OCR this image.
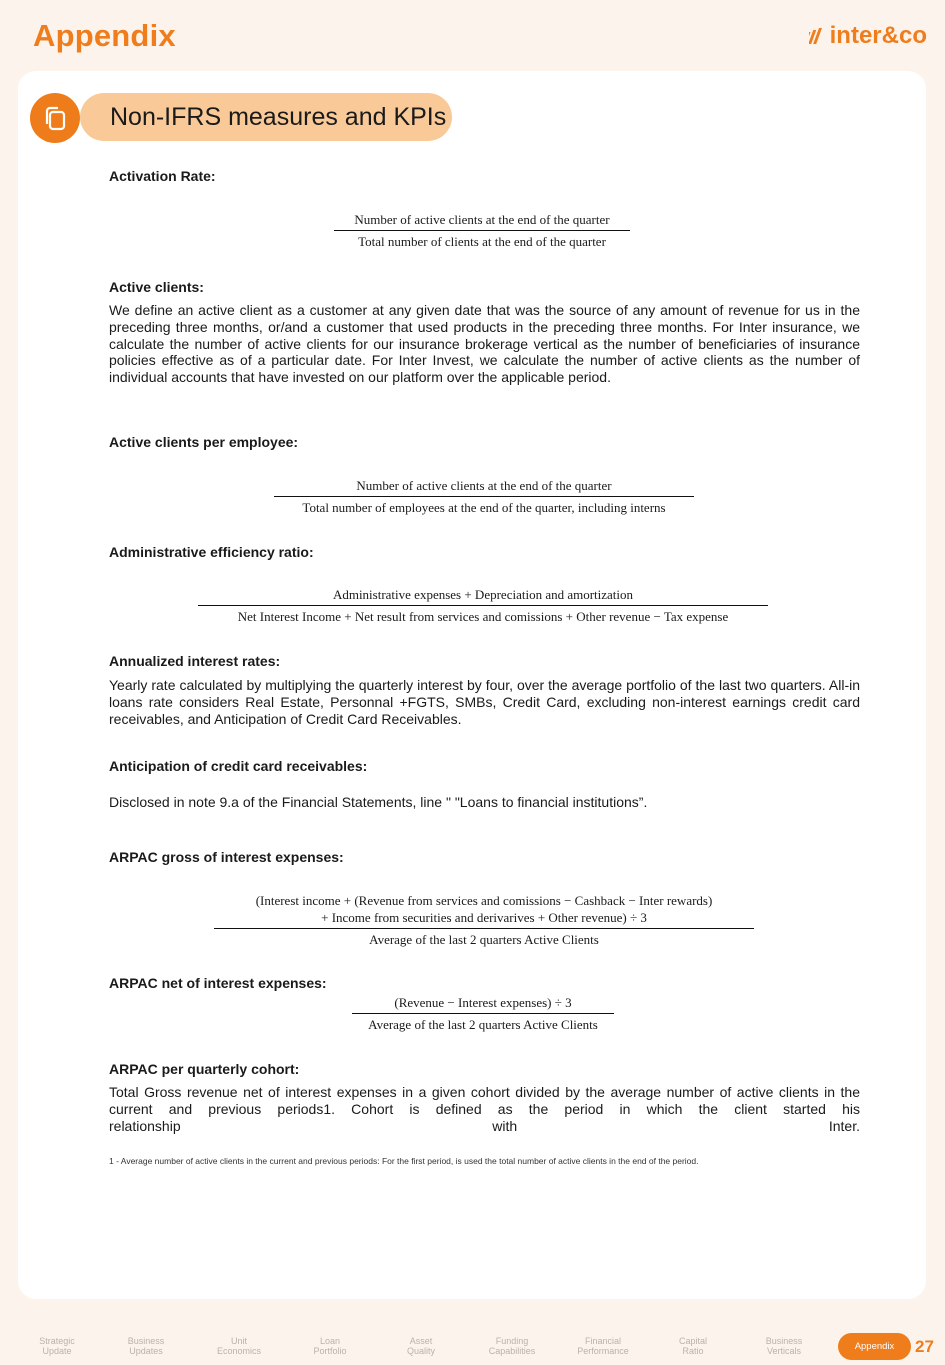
Appendix	inter&co
Non-IFRS measures and KPIs
Activation Rate:
Number of active clients at the end of the quarter
Total number of clients at the end of the quarter
Active clients:
We define an active client as a customer at any given date that was the source of any amount of revenue for us in the preceding three months, or/and a customer that used products in the preceding three months. For Inter insurance, we calculate the number of active clients for our insurance brokerage vertical as the number of beneficiaries of insurance policies effective as of a particular date. For Inter Invest, we calculate the number of active clients as the number of individual accounts that have invested on our platform over the applicable period.
Active clients per employee:
Number of active clients at the end of the quarter
Total number of employees at the end of the quarter, including interns
Administrative efficiency ratio:
Administrative expenses + Depreciation and amortization
Net Interest Income + Net result from services and comissions + Other revenue − Tax expense
Annualized interest rates:
Yearly rate calculated by multiplying the quarterly interest by four, over the average portfolio of the last two quarters. All-in loans rate considers Real Estate, Personnal +FGTS, SMBs, Credit Card, excluding non-interest earnings credit card receivables, and Anticipation of Credit Card Receivables.
Anticipation of credit card receivables:
Disclosed in note 9.a of the Financial Statements, line " "Loans to financial institutions”.
ARPAC gross of interest expenses:
(Interest income + (Revenue from services and comissions − Cashback − Inter rewards)
+ Income from securities and derivarives + Other revenue) ÷ 3
Average of the last 2 quarters Active Clients
ARPAC net of interest expenses:
(Revenue − Interest expenses) ÷ 3
Average of the last 2 quarters Active Clients
ARPAC per quarterly cohort:
Total Gross revenue net of interest expenses in a given cohort divided by the average number of active clients in the current and previous periods1. Cohort is defined as the period in which the client started his
relationship with Inter.
1 - Average number of active clients in the current and previous periods: For the first period, is used the total number of active clients in the end of the period.
Strategic
Update
Business
Updates
Unit
Economics
Loan
Portfolio
Asset
Quality
Funding
Capabilities
Financial
Performance
Capital
Ratio
Business
Verticals	Appendix	27
